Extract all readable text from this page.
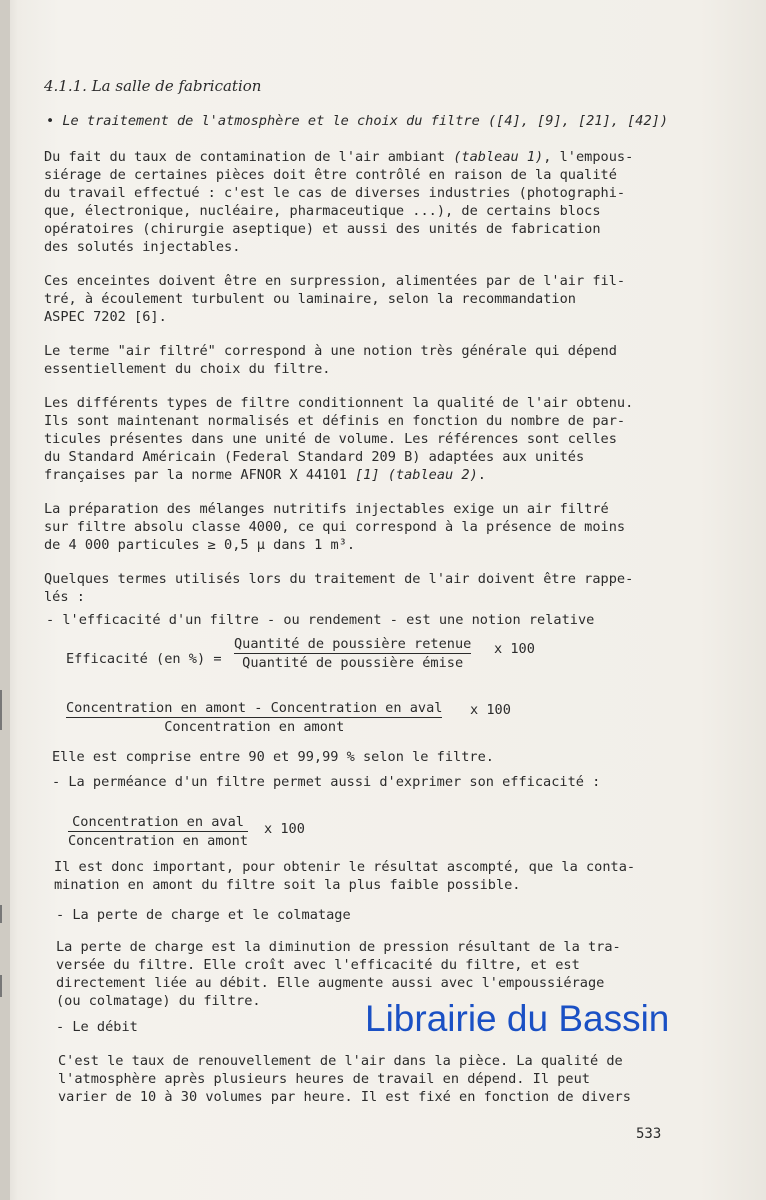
4.1.1. La salle de fabrication
• Le traitement de l'atmosphère et le choix du filtre ([4], [9], [21], [42])
Du fait du taux de contamination de l'air ambiant (tableau 1), l'empous-
siérage de certaines pièces doit être contrôlé en raison de la qualité
du travail effectué : c'est le cas de diverses industries (photographi-
que, électronique, nucléaire, pharmaceutique ...), de certains blocs
opératoires (chirurgie aseptique) et aussi des unités de fabrication
des solutés injectables.
Ces enceintes doivent être en surpression, alimentées par de l'air fil-
tré, à écoulement turbulent ou laminaire, selon la recommandation
ASPEC 7202 [6].
Le terme "air filtré" correspond à une notion très générale qui dépend
essentiellement du choix du filtre.
Les différents types de filtre conditionnent la qualité de l'air obtenu.
Ils sont maintenant normalisés et définis en fonction du nombre de par-
ticules présentes dans une unité de volume. Les références sont celles
du Standard Américain (Federal Standard 209 B) adaptées aux unités
françaises par la norme AFNOR X 44101 [1] (tableau 2).
La préparation des mélanges nutritifs injectables exige un air filtré
sur filtre absolu classe 4000, ce qui correspond à la présence de moins
de 4 000 particules ≥ 0,5 μ dans 1 m³.
Quelques termes utilisés lors du traitement de l'air doivent être rappe-
lés :
- l'efficacité d'un filtre - ou rendement - est une notion relative
Efficacité (en %) =
Quantité de poussière retenue
Quantité de poussière émise
x 100
Concentration en amont - Concentration en aval
Concentration en amont
x 100
Elle est comprise entre 90 et 99,99 % selon le filtre.
- La perméance d'un filtre permet aussi d'exprimer son efficacité :
Concentration en aval
Concentration en amont
x 100
Il est donc important, pour obtenir le résultat ascompté, que la conta-
mination en amont du filtre soit la plus faible possible.
- La perte de charge et le colmatage
La perte de charge est la diminution de pression résultant de la tra-
versée du filtre. Elle croît avec l'efficacité du filtre, et est
directement liée au débit. Elle augmente aussi avec l'empoussiérage
(ou colmatage) du filtre.
- Le débit
C'est le taux de renouvellement de l'air dans la pièce. La qualité de
l'atmosphère après plusieurs heures de travail en dépend. Il peut
varier de 10 à 30 volumes par heure. Il est fixé en fonction de divers
Librairie du Bassin
533
